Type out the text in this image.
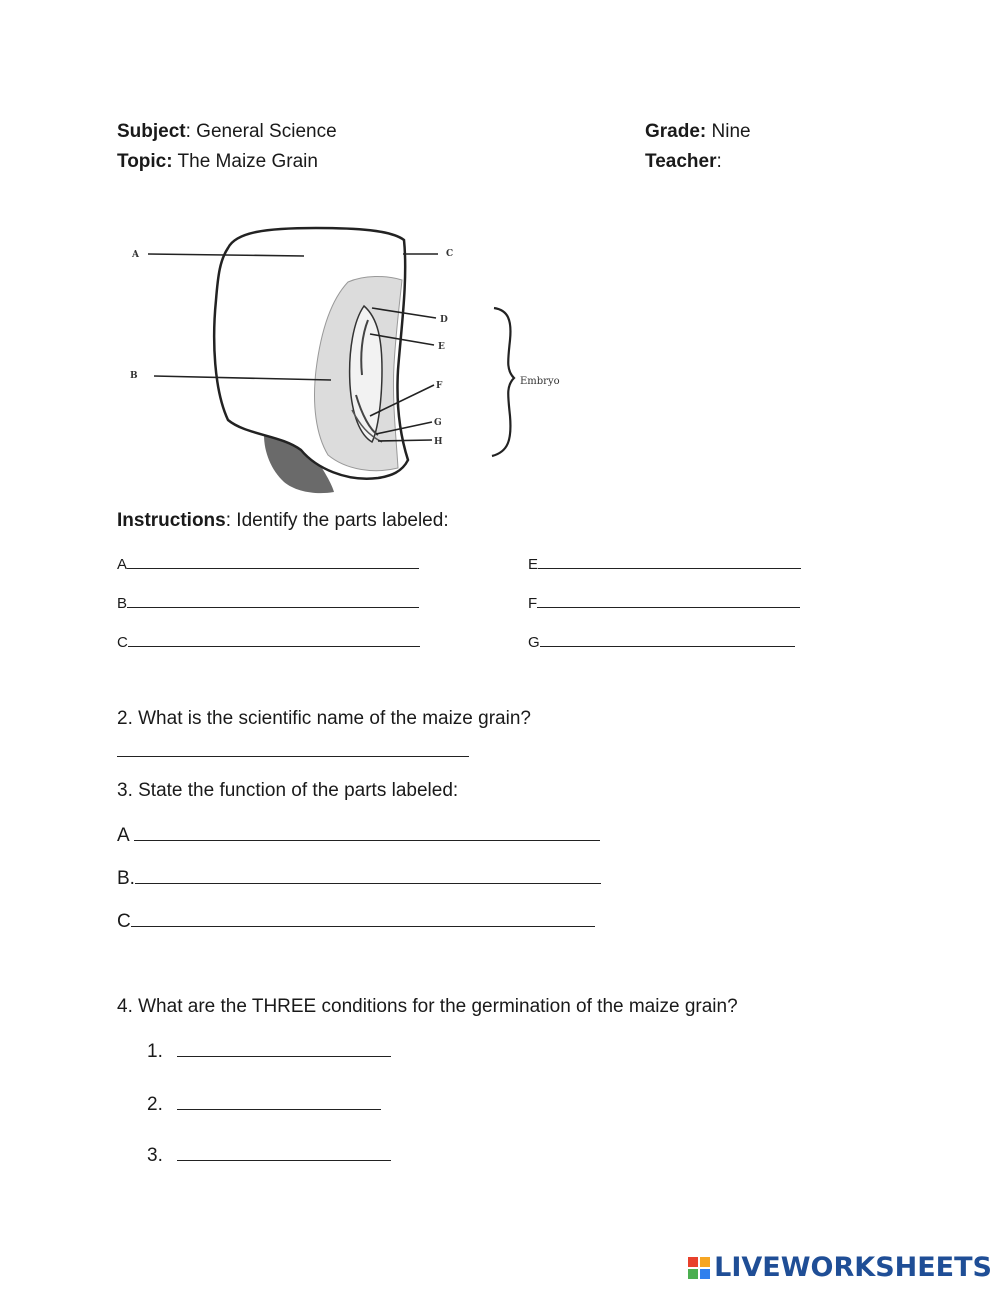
Subject: General Science
Topic: The Maize Grain
Grade: Nine
Teacher:
A
B
C
D
E
F
G
H
Embryo
Instructions: Identify the parts labeled:
A
B
C
E
F
G
2. What is the scientific name of the maize grain?
3. State the function of the parts labeled:
A
B.
C
4. What are the THREE conditions for the germination of the maize grain?
1.
2.
3.
LIVEWORKSHEETS
